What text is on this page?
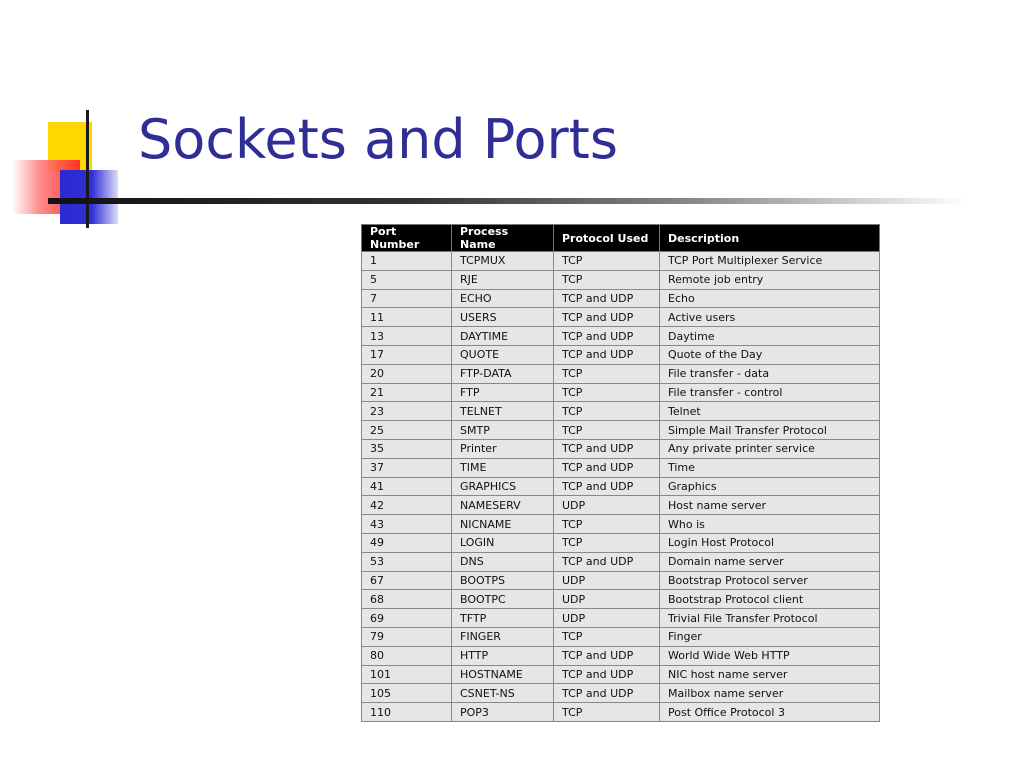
Sockets and Ports
Port Number	Process Name	Protocol Used	Description
1	TCPMUX	TCP	TCP Port Multiplexer Service
5	RJE	TCP	Remote job entry
7	ECHO	TCP and UDP	Echo
11	USERS	TCP and UDP	Active users
13	DAYTIME	TCP and UDP	Daytime
17	QUOTE	TCP and UDP	Quote of the Day
20	FTP-DATA	TCP	File transfer - data
21	FTP	TCP	File transfer - control
23	TELNET	TCP	Telnet
25	SMTP	TCP	Simple Mail Transfer Protocol
35	Printer	TCP and UDP	Any private printer service
37	TIME	TCP and UDP	Time
41	GRAPHICS	TCP and UDP	Graphics
42	NAMESERV	UDP	Host name server
43	NICNAME	TCP	Who is
49	LOGIN	TCP	Login Host Protocol
53	DNS	TCP and UDP	Domain name server
67	BOOTPS	UDP	Bootstrap Protocol server
68	BOOTPC	UDP	Bootstrap Protocol client
69	TFTP	UDP	Trivial File Transfer Protocol
79	FINGER	TCP	Finger
80	HTTP	TCP and UDP	World Wide Web HTTP
101	HOSTNAME	TCP and UDP	NIC host name server
105	CSNET-NS	TCP and UDP	Mailbox name server
110	POP3	TCP	Post Office Protocol 3
